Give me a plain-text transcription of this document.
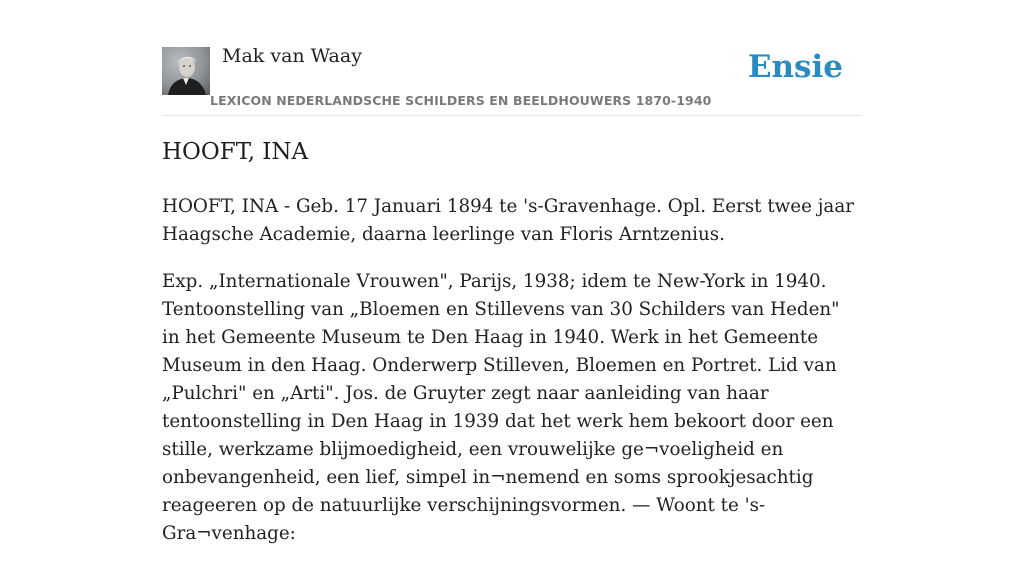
Mak van Waay
LEXICON NEDERLANDSCHE SCHILDERS EN BEELDHOUWERS 1870-1940
Ensie
HOOFT, INA

HOOFT, INA - Geb. 17 Januari 1894 te 's-Gravenhage. Opl. Eerst twee jaar Haagsche Academie, daarna leerlinge van Floris Arntzenius.

Exp. „Internationale Vrouwen", Parijs, 1938; idem te New-York in 1940. Tentoonstelling van „Bloemen en Stillevens van 30 Schilders van Heden" in het Gemeente Museum te Den Haag in 1940. Werk in het Gemeente Museum in den Haag. Onderwerp Stilleven, Bloemen en Portret. Lid van „Pulchri" en „Arti". Jos. de Gruyter zegt naar aanleiding van haar tentoonstelling in Den Haag in 1939 dat het werk hem bekoort door een stille, werkzame blijmoedigheid, een vrouwelijke ge¬voeligheid en onbevangenheid, een lief, simpel in¬nemend en soms sprookjesachtig reageeren op de natuurlijke verschijningsvormen. — Woont te 's-Gra¬venhage:
